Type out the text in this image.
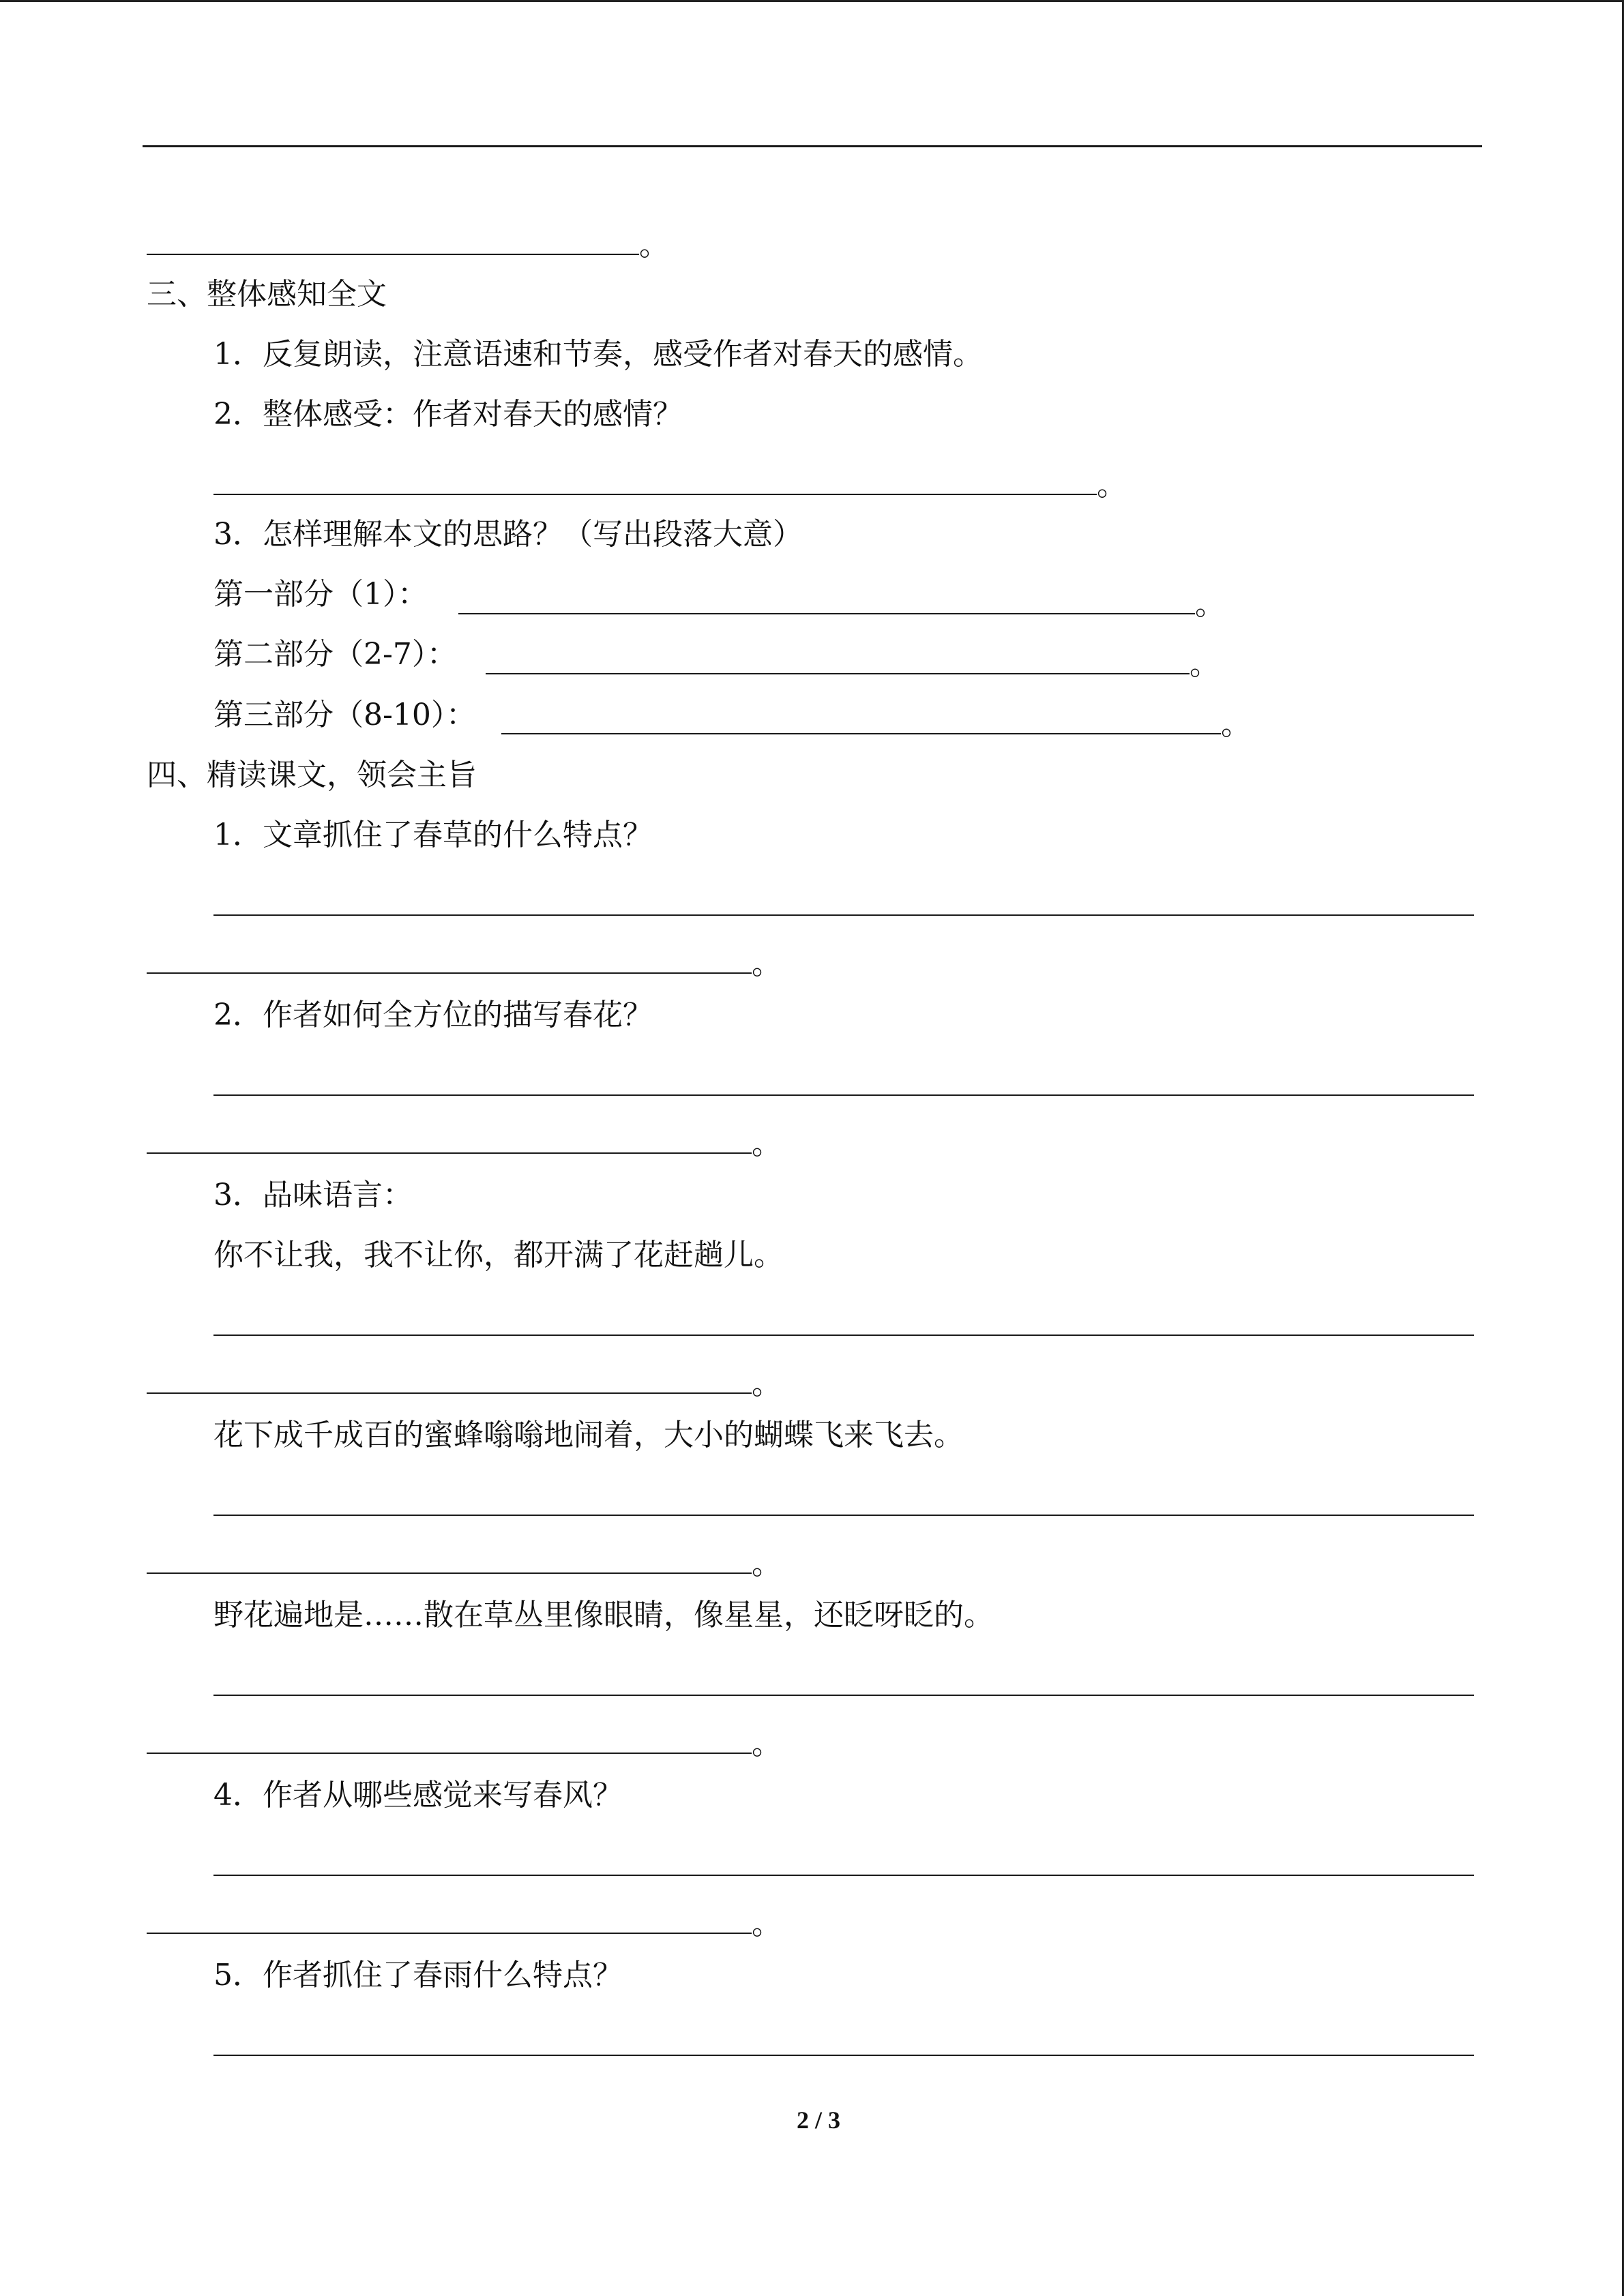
。
三、整体感知全文
1．反复朗读，注意语速和节奏，感受作者对春天的感情。
2．整体感受：作者对春天的感情？
。
3．怎样理解本文的思路？（写出段落大意）
第一部分（1）：	。
第二部分（2-7）：	。
第三部分（8-10）：	。
四、精读课文，领会主旨
1．文章抓住了春草的什么特点？
。
2．作者如何全方位的描写春花？
。
3．品味语言：
你不让我，我不让你，都开满了花赶趟儿。
。
花下成千成百的蜜蜂嗡嗡地闹着，大小的蝴蝶飞来飞去。
。
野花遍地是……散在草丛里像眼睛，像星星，还眨呀眨的。
。
4．作者从哪些感觉来写春风？
。
5．作者抓住了春雨什么特点？
2 / 3
